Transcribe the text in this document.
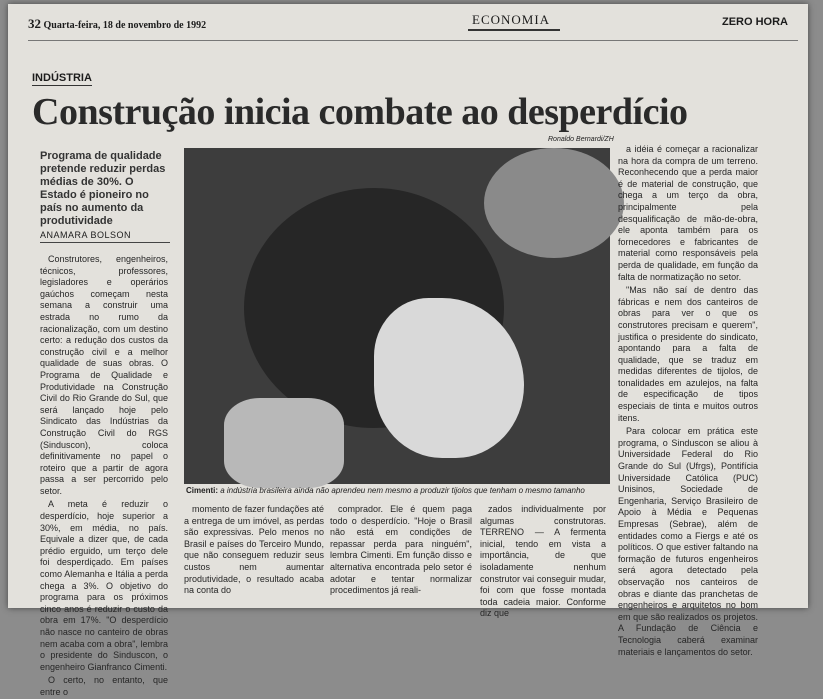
32 Quarta-feira, 18 de novembro de 1992	ECONOMIA	ZERO HORA
INDÚSTRIA
Construção inicia combate ao desperdício
Ronaldo Bernardi/ZH
Programa de qualidade pretende reduzir perdas médias de 30%. O Estado é pioneiro no país no aumento da produtividade
ANAMARA BOLSON

Construtores, engenheiros, técnicos, professores, legisladores e operários gaúchos começam nesta semana a construir uma estrada no rumo da racionalização, com um destino certo: a redução dos custos da construção civil e a melhor qualidade de suas obras. O Programa de Qualidade e Produtividade na Construção Civil do Rio Grande do Sul, que será lançado hoje pelo Sindicato das Indústrias da Construção Civil do RGS (Sinduscon), coloca definitivamente no papel o roteiro que a partir de agora passa a ser percorrido pelo setor.

A meta é reduzir o desperdício, hoje superior a 30%, em média, no país. Equivale a dizer que, de cada prédio erguido, um terço dele foi desperdiçado. Em países como Alemanha e Itália a perda chega a 3%. O objetivo do programa para os próximos cinco anos é reduzir o custo da obra em 17%. "O desperdício não nasce no canteiro de obras nem acaba com a obra", lembra o presidente do Sinduscon, o engenheiro Gianfranco Cimenti.

O certo, no entanto, que entre o

Cimenti: a indústria brasileira ainda não aprendeu nem mesmo a produzir tijolos que tenham o mesmo tamanho

momento de fazer fundações até a entrega de um imóvel, as perdas são expressivas. Pelo menos no Brasil e países do Terceiro Mundo, que não conseguem reduzir seus custos nem aumentar produtividade, o resultado acaba na conta do

comprador. Ele é quem paga todo o desperdício. "Hoje o Brasil não está em condições de repassar perda para ninguém", lembra Cimenti. Em função disso e alternativa encontrada pelo setor é adotar e tentar normalizar procedimentos já reali-

zados individualmente por algumas construtoras. TERRENO — A fermenta inicial, tendo em vista a importância, de que isoladamente nenhum construtor vai conseguir mudar, foi com que fosse montada toda cadeia maior. Conforme diz que

a idéia é começar a racionalizar na hora da compra de um terreno. Reconhecendo que a perda maior é de material de construção, que chega a um terço da obra, principalmente pela desqualificação de mão-de-obra, ele aponta também para os fornecedores e fabricantes de material como responsáveis pela perda de qualidade, em função da falta de normatização no setor.

"Mas não saí de dentro das fábricas e nem dos canteiros de obras para ver o que os construtores precisam e querem", justifica o presidente do sindicato, apontando para a falta de qualidade, que se traduz em medidas diferentes de tijolos, de tonalidades em azulejos, na falta de especificação de tipos especiais de tinta e muitos outros itens.

Para colocar em prática este programa, o Sinduscon se aliou à Universidade Federal do Rio Grande do Sul (Ufrgs), Pontifícia Universidade Católica (PUC) Unisinos, Sociedade de Engenharia, Serviço Brasileiro de Apoio à Média e Pequenas Empresas (Sebrae), além de entidades como a Fiergs e até os políticos. O que estiver faltando na formação de futuros engenheiros será agora detectado pela observação nos canteiros de obras e diante das pranchetas de engenheiros e arquitetos no bom em que são realizados os projetos. A Fundação de Ciência e Tecnologia caberá examinar materiais e lançamentos do setor.
